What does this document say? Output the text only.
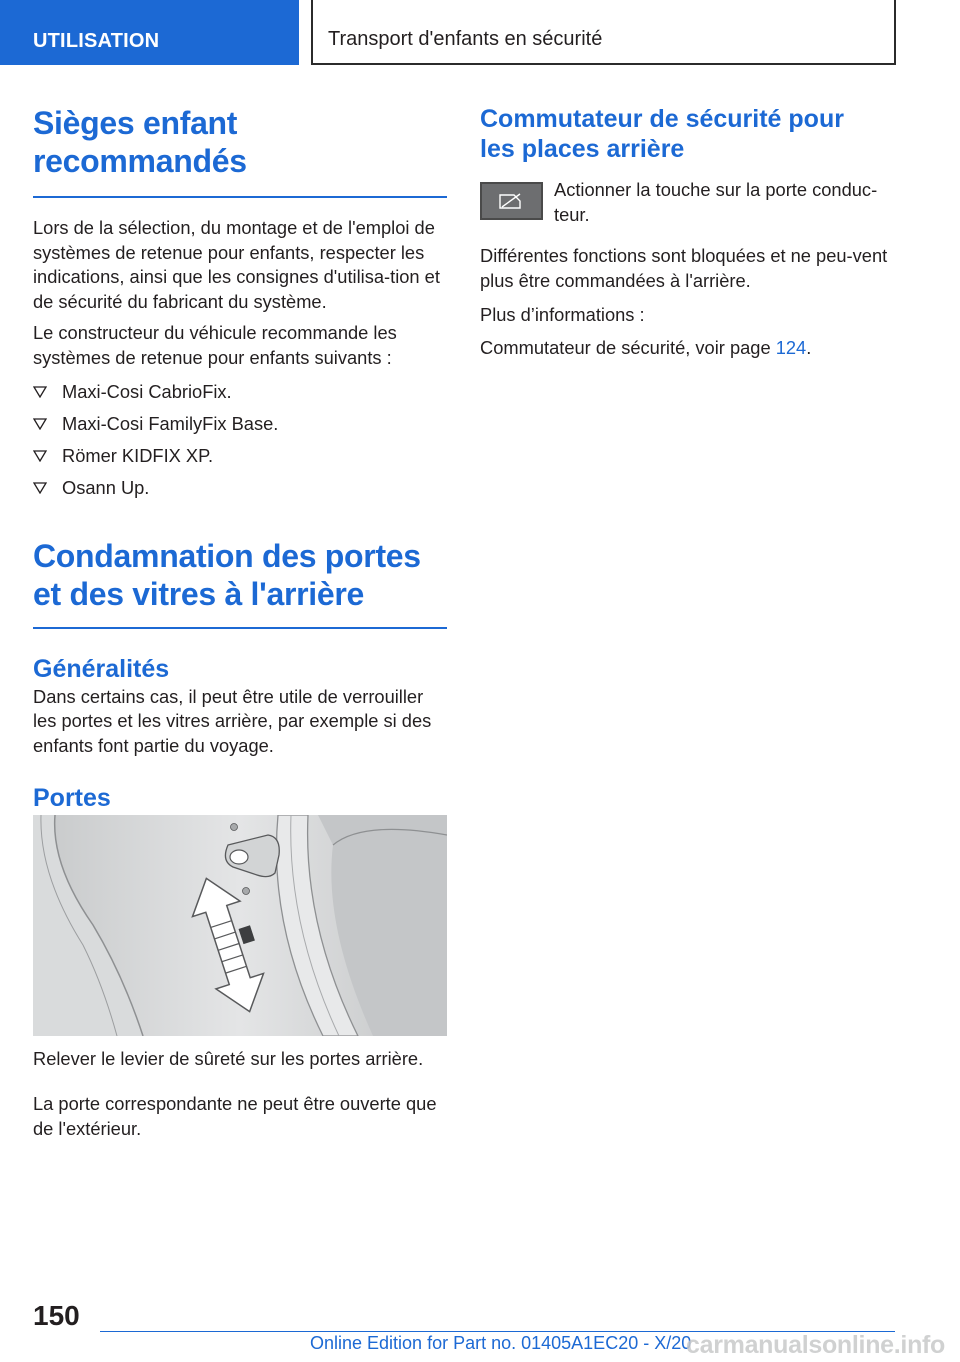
UTILISATION	Transport d'enfants en sécurité
Sièges enfant recommandés

Lors de la sélection, du montage et de l'emploi de systèmes de retenue pour enfants, respecter les indications, ainsi que les consignes d'utilisa-tion et de sécurité du fabricant du système.

Le constructeur du véhicule recommande les systèmes de retenue pour enfants suivants :

Maxi-Cosi CabrioFix.
Maxi-Cosi FamilyFix Base.
Römer KIDFIX XP.
Osann Up.
Condamnation des portes et des vitres à l'arrière
Généralités

Dans certains cas, il peut être utile de verrouiller les portes et les vitres arrière, par exemple si des enfants font partie du voyage.

Portes

Relever le levier de sûreté sur les portes arrière.

La porte correspondante ne peut être ouverte que de l'extérieur.

Commutateur de sécurité pour les places arrière

Actionner la touche sur la porte conduc-teur.

Différentes fonctions sont bloquées et ne peu-vent plus être commandées à l'arrière.

Plus d’informations :

Commutateur de sécurité, voir page 124.

150
Online Edition for Part no. 01405A1EC20 - X/20
carmanualsonline.info
